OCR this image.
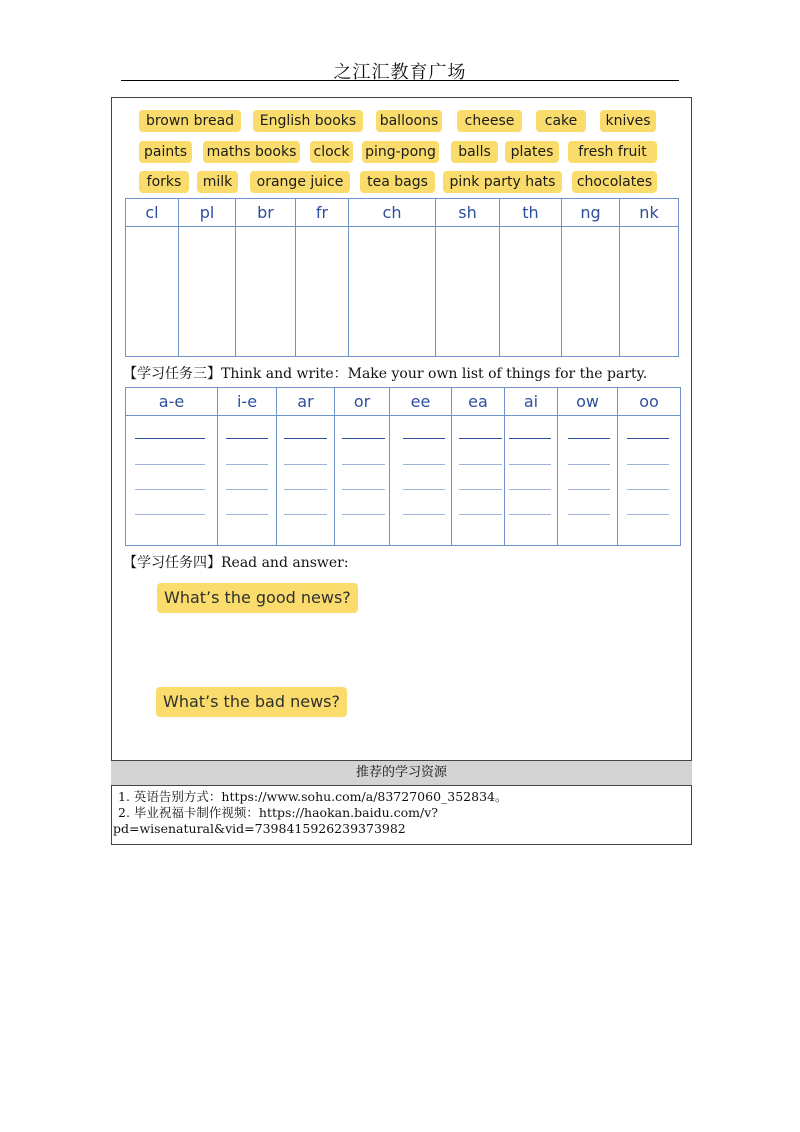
之江汇教育广场
brown bread	English books	balloons	cheese	cake	knives
paints	maths books clock ping-pong	balls	plates	fresh fruit
forks	milk	orange juice	tea bags	pink party hats	chocolates
cl	pl	br	fr	ch	sh	th	ng	nk

【学习任务三】Think and write：Make your own list of things for the party.
a-e	i-e	ar	or	ee	ea	ai	ow	oo

【学习任务四】Read and answer:
What’s the good news?
What’s the bad news?
推荐的学习资源
1. 英语告别方式：https://www.sohu.com/a/83727060_352834。
2. 毕业祝福卡制作视频：https://haokan.baidu.com/v?
pd=wisenatural&vid=7398415926239373982
